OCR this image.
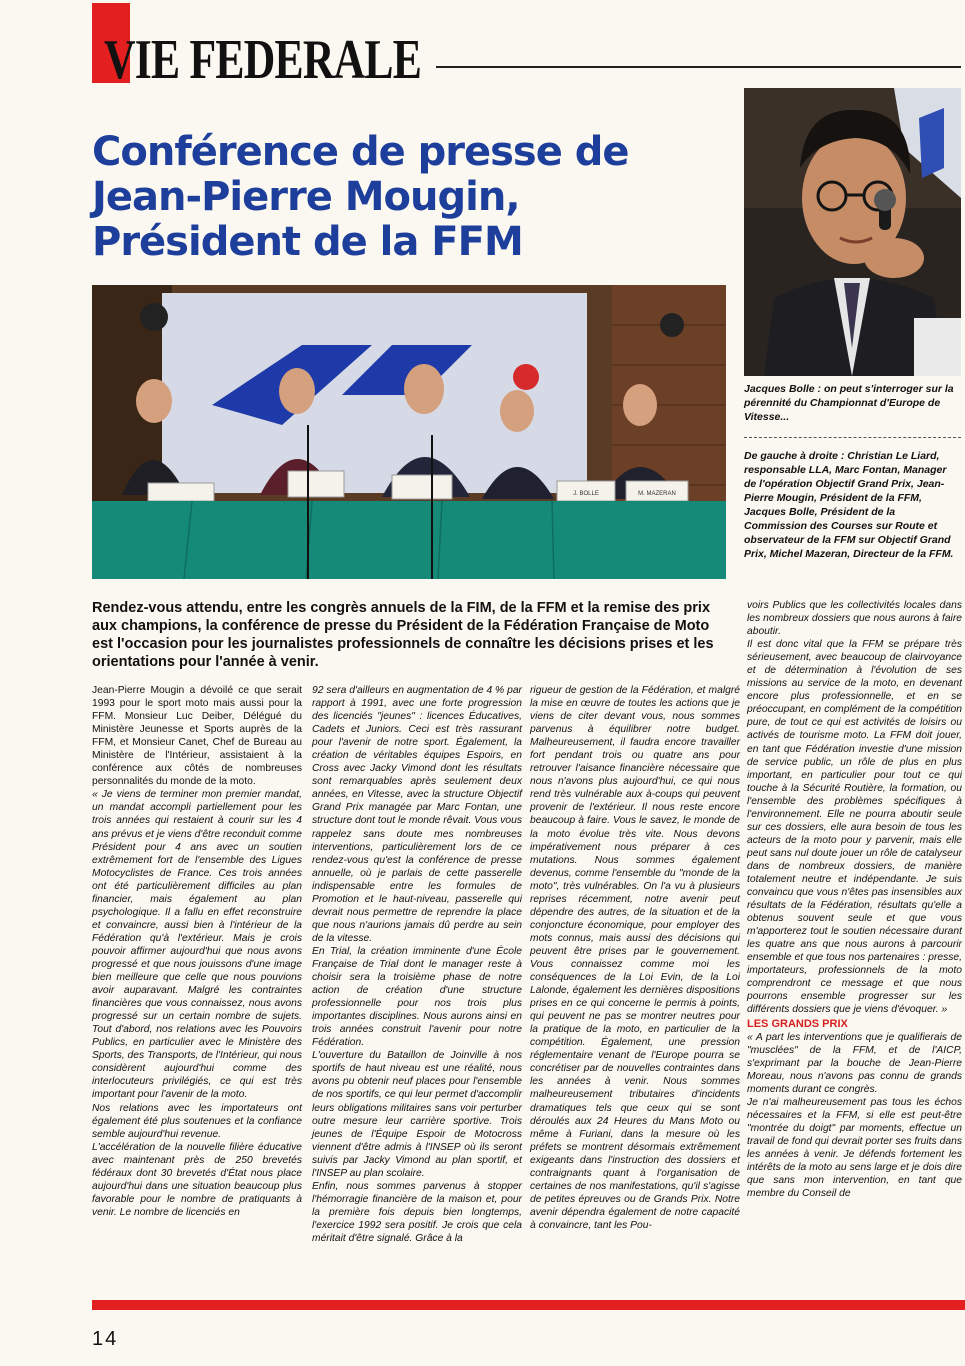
VIE FEDERALE
Conférence de presse de Jean-Pierre Mougin, Président de la FFM

Jacques Bolle : on peut s'interroger sur la pérennité du Championnat d'Europe de Vitesse...

De gauche à droite : Christian Le Liard, responsable LLA, Marc Fontan, Manager de l'opération Objectif Grand Prix, Jean-Pierre Mougin, Président de la FFM, Jacques Bolle, Président de la Commission des Courses sur Route et observateur de la FFM sur Objectif Grand Prix, Michel Mazeran, Directeur de la FFM.

J. BOLLE	M. MAZERAN

Rendez-vous attendu, entre les congrès annuels de la FIM, de la FFM et la remise des prix aux champions, la conférence de presse du Président de la Fédération Française de Moto est l'occasion pour les journalistes professionnels de connaître les décisions prises et les orientations pour l'année à venir.

Jean-Pierre Mougin a dévoilé ce que serait 1993 pour le sport moto mais aussi pour la FFM. Monsieur Luc Deiber, Délégué du Ministère Jeunesse et Sports auprès de la FFM, et Monsieur Canet, Chef de Bureau au Ministère de l'Intérieur, assistaient à la conférence aux côtés de nombreuses personnalités du monde de la moto.

« Je viens de terminer mon premier mandat, un mandat accompli partiellement pour les trois années qui restaient à courir sur les 4 ans prévus et je viens d'être reconduit comme Président pour 4 ans avec un soutien extrêmement fort de l'ensemble des Ligues Motocyclistes de France. Ces trois années ont été particulièrement difficiles au plan financier, mais également au plan psychologique. Il a fallu en effet reconstruire et convaincre, aussi bien à l'intérieur de la Fédération qu'à l'extérieur. Mais je crois pouvoir affirmer aujourd'hui que nous avons progressé et que nous jouissons d'une image bien meilleure que celle que nous pouvions avoir auparavant. Malgré les contraintes financières que vous connaissez, nous avons progressé sur un certain nombre de sujets. Tout d'abord, nos relations avec les Pouvoirs Publics, en particulier avec le Ministère des Sports, des Transports, de l'Intérieur, qui nous considèrent aujourd'hui comme des interlocuteurs privilégiés, ce qui est très important pour l'avenir de la moto.

Nos relations avec les importateurs ont également été plus soutenues et la confiance semble aujourd'hui revenue.

L'accélération de la nouvelle filière éducative avec maintenant près de 250 brevetés fédéraux dont 30 brevetés d'État nous place aujourd'hui dans une situation beaucoup plus favorable pour le nombre de pratiquants à venir. Le nombre de licenciés en

92 sera d'ailleurs en augmentation de 4 % par rapport à 1991, avec une forte progression des licenciés "jeunes" : licences Éducatives, Cadets et Juniors. Ceci est très rassurant pour l'avenir de notre sport. Également, la création de véritables équipes Espoirs, en Cross avec Jacky Vimond dont les résultats sont remarquables après seulement deux années, en Vitesse, avec la structure Objectif Grand Prix managée par Marc Fontan, une structure dont tout le monde rêvait. Vous vous rappelez sans doute mes nombreuses interventions, particulièrement lors de ce rendez-vous qu'est la conférence de presse annuelle, où je parlais de cette passerelle indispensable entre les formules de Promotion et le haut-niveau, passerelle qui devrait nous permettre de reprendre la place que nous n'aurions jamais dû perdre au sein de la vitesse.

En Trial, la création imminente d'une École Française de Trial dont le manager reste à choisir sera la troisième phase de notre action de création d'une structure professionnelle pour nos trois plus importantes disciplines. Nous aurons ainsi en trois années construit l'avenir pour notre Fédération.

L'ouverture du Bataillon de Joinville à nos sportifs de haut niveau est une réalité, nous avons pu obtenir neuf places pour l'ensemble de nos sportifs, ce qui leur permet d'accomplir leurs obligations militaires sans voir perturber outre mesure leur carrière sportive. Trois jeunes de l'Équipe Espoir de Motocross viennent d'être admis à l'INSEP où ils seront suivis par Jacky Vimond au plan sportif, et l'INSEP au plan scolaire.

Enfin, nous sommes parvenus à stopper l'hémorragie financière de la maison et, pour la première fois depuis bien longtemps, l'exercice 1992 sera positif. Je crois que cela méritait d'être signalé. Grâce à la

rigueur de gestion de la Fédération, et malgré la mise en œuvre de toutes les actions que je viens de citer devant vous, nous sommes parvenus à équilibrer notre budget. Malheureusement, il faudra encore travailler fort pendant trois ou quatre ans pour retrouver l'aisance financière nécessaire que nous n'avons plus aujourd'hui, ce qui nous rend très vulnérable aux à-coups qui peuvent provenir de l'extérieur. Il nous reste encore beaucoup à faire. Vous le savez, le monde de la moto évolue très vite. Nous devons impérativement nous préparer à ces mutations. Nous sommes également devenus, comme l'ensemble du "monde de la moto", très vulnérables. On l'a vu à plusieurs reprises récemment, notre avenir peut dépendre des autres, de la situation et de la conjoncture économique, pour employer des mots connus, mais aussi des décisions qui peuvent être prises par le gouvernement. Vous connaissez comme moi les conséquences de la Loi Evin, de la Loi Lalonde, également les dernières dispositions prises en ce qui concerne le permis à points, qui peuvent ne pas se montrer neutres pour la pratique de la moto, en particulier de la compétition. Également, une pression réglementaire venant de l'Europe pourra se concrétiser par de nouvelles contraintes dans les années à venir. Nous sommes malheureusement tributaires d'incidents dramatiques tels que ceux qui se sont déroulés aux 24 Heures du Mans Moto ou même à Furiani, dans la mesure où les préfets se montrent désormais extrêmement exigeants dans l'instruction des dossiers et contraignants quant à l'organisation de certaines de nos manifestations, qu'il s'agisse de petites épreuves ou de Grands Prix. Notre avenir dépendra également de notre capacité à convaincre, tant les Pou-

voirs Publics que les collectivités locales dans les nombreux dossiers que nous aurons à faire aboutir.

Il est donc vital que la FFM se prépare très sérieusement, avec beaucoup de clairvoyance et de détermination à l'évolution de ses missions au service de la moto, en devenant encore plus professionnelle, et en se préoccupant, en complément de la compétition pure, de tout ce qui est activités de loisirs ou activés de tourisme moto. La FFM doit jouer, en tant que Fédération investie d'une mission de service public, un rôle de plus en plus important, en particulier pour tout ce qui touche à la Sécurité Routière, la formation, ou l'ensemble des problèmes spécifiques à l'environnement. Elle ne pourra aboutir seule sur ces dossiers, elle aura besoin de tous les acteurs de la moto pour y parvenir, mais elle peut sans nul doute jouer un rôle de catalyseur dans de nombreux dossiers, de manière totalement neutre et indépendante. Je suis convaincu que vous n'êtes pas insensibles aux résultats de la Fédération, résultats qu'elle a obtenus souvent seule et que vous m'apporterez tout le soutien nécessaire durant les quatre ans que nous aurons à parcourir ensemble et que tous nos partenaires : presse, importateurs, professionnels de la moto comprendront ce message et que nous pourrons ensemble progresser sur les différents dossiers que je viens d'évoquer. »

LES GRANDS PRIX

« A part les interventions que je qualifierais de "musclées" de la FFM, et de l'AICP, s'exprimant par la bouche de Jean-Pierre Moreau, nous n'avons pas connu de grands moments durant ce congrès.

Je n'ai malheureusement pas tous les échos nécessaires et la FFM, si elle est peut-être "montrée du doigt" par moments, effectue un travail de fond qui devrait porter ses fruits dans les années à venir. Je défends fortement les intérêts de la moto au sens large et je dois dire que sans mon intervention, en tant que membre du Conseil de

14
